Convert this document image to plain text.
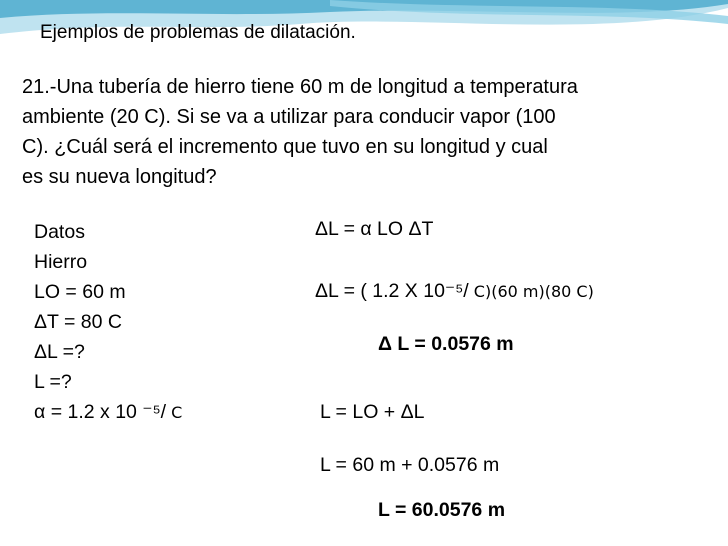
Ejemplos de problemas de dilatación.
21.-Una tubería de hierro tiene 60 m de longitud a temperatura
ambiente (20 C). Si se va a utilizar para conducir vapor (100
C). ¿Cuál será el incremento que tuvo en su longitud y cual
es su nueva longitud?
Datos
Hierro
LO = 60 m
ΔT = 80 C
ΔL =?
L =?
α = 1.2 x 10 ⁻⁵/ C
ΔL = α LO ΔT
ΔL = ( 1.2 X 10⁻⁵/ C)(60 m)(80 C)
Δ L = 0.0576 m
L = LO + ΔL
L = 60 m + 0.0576 m
L = 60.0576 m
